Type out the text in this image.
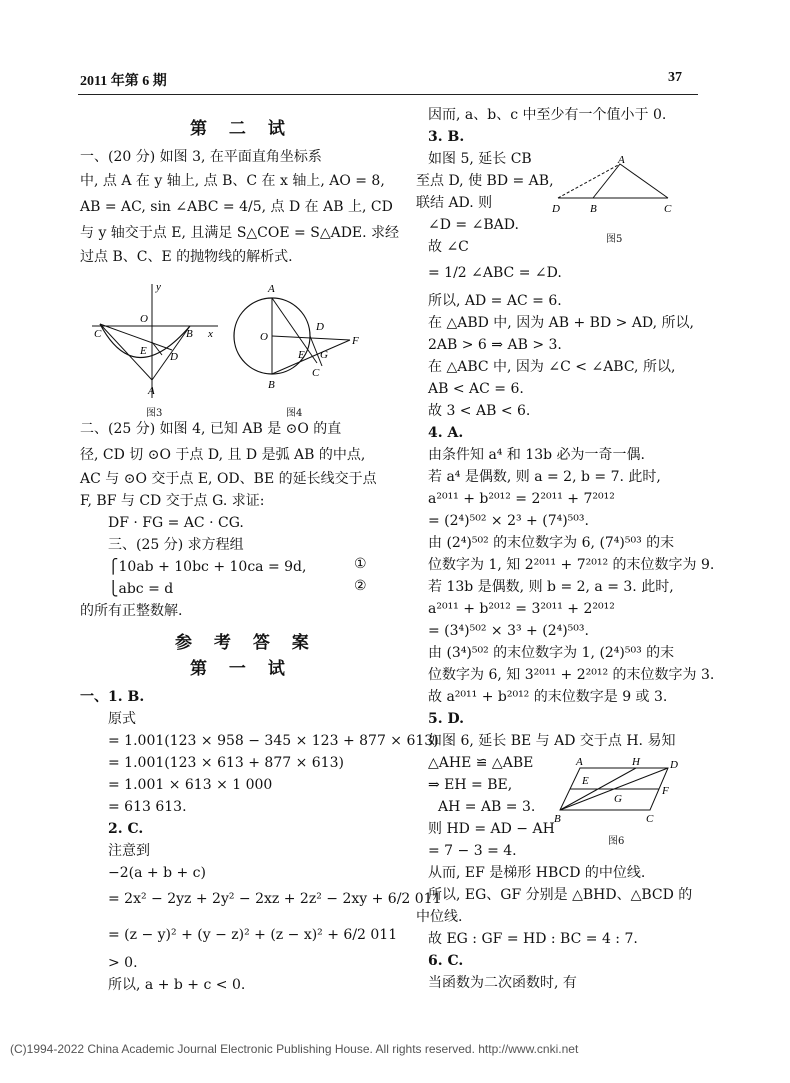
2011 年第 6 期	37
第 二 试
一、(20 分) 如图 3, 在平面直角坐标系
中, 点 A 在 y 轴上, 点 B、C 在 x 轴上, AO = 8,
AB = AC, sin ∠ABC = 4/5, 点 D 在 AB 上, CD
与 y 轴交于点 E, 且满足 S△COE = S△ADE. 求经
过点 B、C、E 的抛物线的解析式.
y
x
O
C	B
E D
A
图3
A
O
D
F
E G
B
C
图4
二、(25 分) 如图 4, 已知 AB 是 ⊙O 的直
径, CD 切 ⊙O 于点 D, 且 D 是弧 AB 的中点,
AC 与 ⊙O 交于点 E, OD、BE 的延长线交于点
F, BF 与 CD 交于点 G. 求证:
DF · FG = AC · CG.
三、(25 分) 求方程组
⎧10ab + 10bc + 10ca = 9d,
⎩abc = d
①
②
的所有正整数解.
参 考 答 案
第 一 试
一、1. B.
原式
= 1.001(123 × 958 − 345 × 123 + 877 × 613)
= 1.001(123 × 613 + 877 × 613)
= 1.001 × 613 × 1 000
= 613 613.
2. C.
注意到
−2(a + b + c)
= 2x² − 2yz + 2y² − 2xz + 2z² − 2xy + 6/2 011
= (z − y)² + (y − z)² + (z − x)² + 6/2 011
> 0.
所以, a + b + c < 0.
因而, a、b、c 中至少有一个值小于 0.
3. B.
如图 5, 延长 CB
至点 D, 使 BD = AB,
联结 AD. 则
∠D = ∠BAD.
故 ∠C
= 1/2 ∠ABC = ∠D.
A
D	B	C
图5
所以, AD = AC = 6.
在 △ABD 中, 因为 AB + BD > AD, 所以,
2AB > 6 ⇒ AB > 3.
在 △ABC 中, 因为 ∠C < ∠ABC, 所以,
AB < AC = 6.
故 3 < AB < 6.
4. A.
由条件知 a⁴ 和 13b 必为一奇一偶.
若 a⁴ 是偶数, 则 a = 2, b = 7. 此时,
a²⁰¹¹ + b²⁰¹² = 2²⁰¹¹ + 7²⁰¹²
= (2⁴)⁵⁰² × 2³ + (7⁴)⁵⁰³.
由 (2⁴)⁵⁰² 的末位数字为 6, (7⁴)⁵⁰³ 的末
位数字为 1, 知 2²⁰¹¹ + 7²⁰¹² 的末位数字为 9.
若 13b 是偶数, 则 b = 2, a = 3. 此时,
a²⁰¹¹ + b²⁰¹² = 3²⁰¹¹ + 2²⁰¹²
= (3⁴)⁵⁰² × 3³ + (2⁴)⁵⁰³.
由 (3⁴)⁵⁰² 的末位数字为 1, (2⁴)⁵⁰³ 的末
位数字为 6, 知 3²⁰¹¹ + 2²⁰¹² 的末位数字为 3.
故 a²⁰¹¹ + b²⁰¹² 的末位数字是 9 或 3.
5. D.
如图 6, 延长 BE 与 AD 交于点 H. 易知
△AHE ≌ △ABE
⇒ EH = BE,
AH = AB = 3.
则 HD = AD − AH
= 7 − 3 = 4.
A	H	D
E
G
F
B	C
图6
从而, EF 是梯形 HBCD 的中位线.
所以, EG、GF 分别是 △BHD、△BCD 的
中位线.
故 EG : GF = HD : BC = 4 : 7.
6. C.
当函数为二次函数时, 有
(C)1994-2022 China Academic Journal Electronic Publishing House. All rights reserved. http://www.cnki.net
